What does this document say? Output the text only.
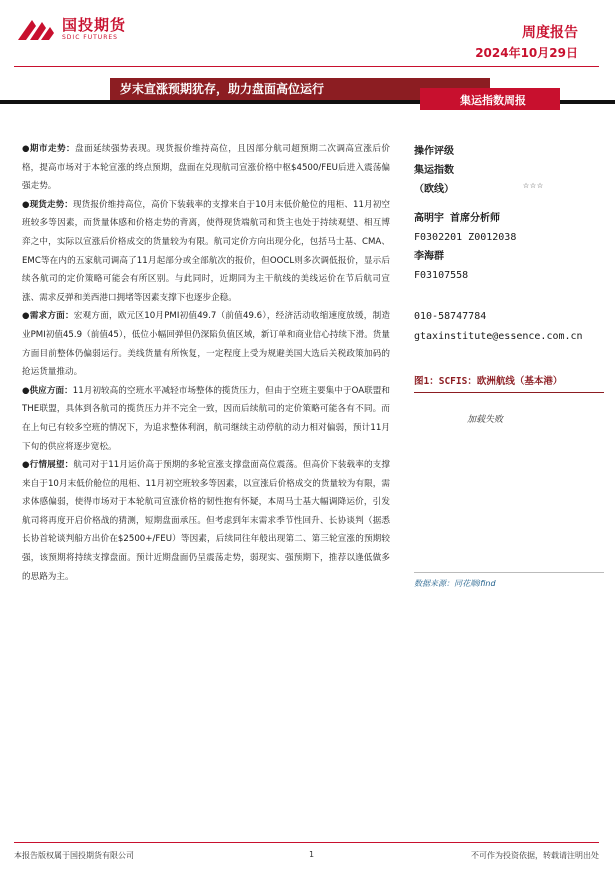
国投期货
SDIC FUTURES	周度报告
2024年10月29日
岁末宣涨预期犹存，助力盘面高位运行
集运指数周报

●期市走势：盘面延续强势表现。现货报价维持高位，且因部分航司超预期二次调高宣涨后价格，提高市场对于本轮宣涨的终点预期，盘面在兑现航司宣涨价格中枢$4500/FEU后进入震荡偏强走势。

●现货走势：现货报价维持高位，高价下装载率的支撑来自于10月末低价舱位的甩柜、11月初空班较多等因素，而货量体感和价格走势的背离，使得现货端航司和货主也处于持续观望、相互博弈之中，实际以宣涨后价格成交的货量较为有限。航司定价方向出现分化，包括马士基、CMA、EMC等在内的五家航司调高了11月起部分或全部航次的报价，但OOCL则多次调低报价，显示后续各航司的定价策略可能会有所区别。与此同时，近期同为主干航线的美线运价在节后航司宣涨、需求反弹和美西港口拥堵等因素支撑下也逐步企稳。

●需求方面：宏观方面，欧元区10月PMI初值49.7（前值49.6），经济活动收缩速度放缓，制造业PMI初值45.9（前值45），低位小幅回弹但仍深陷负值区域，新订单和商业信心持续下滑。货量方面目前整体仍偏弱运行。美线货量有所恢复，一定程度上受为规避美国大选后关税政策加码的抢运货量推动。

●供应方面：11月初较高的空班水平减轻市场整体的揽货压力，但由于空班主要集中于OA联盟和THE联盟，具体到各航司的揽货压力并不完全一致，因而后续航司的定价策略可能各有不同。而在上旬已有较多空班的情况下，为追求整体利润，航司继续主动停航的动力相对偏弱，预计11月下旬的供应将逐步宽松。

●行情展望：航司对于11月运价高于预期的多轮宣涨支撑盘面高位震荡。但高价下装载率的支撑来自于10月末低价舱位的甩柜、11月初空班较多等因素，以宣涨后价格成交的货量较为有限，需求体感偏弱，使得市场对于本轮航司宣涨价格的韧性抱有怀疑，本周马士基大幅调降运价，引发航司将再度开启价格战的猜测，短期盘面承压。但考虑到年末需求季节性回升、长协谈判（据悉长协首轮谈判船方出价在$2500+/FEU）等因素，后续同往年般出现第二、第三轮宣涨的预期较强，该预期将持续支撑盘面。预计近期盘面仍呈震荡走势，弱现实、强预期下，推荐以逢低做多的思路为主。

操作评级
集运指数
（欧线）	☆☆☆
高明宇 首席分析师
F0302201 Z0012038
李海群
F03107558
010-58747784
gtaxinstitute@essence.com.cn
图1：SCFIS：欧洲航线（基本港）
加载失败
数据来源：同花顺ifind
本报告版权属于国投期货有限公司	1	不可作为投资依据，转载请注明出处
